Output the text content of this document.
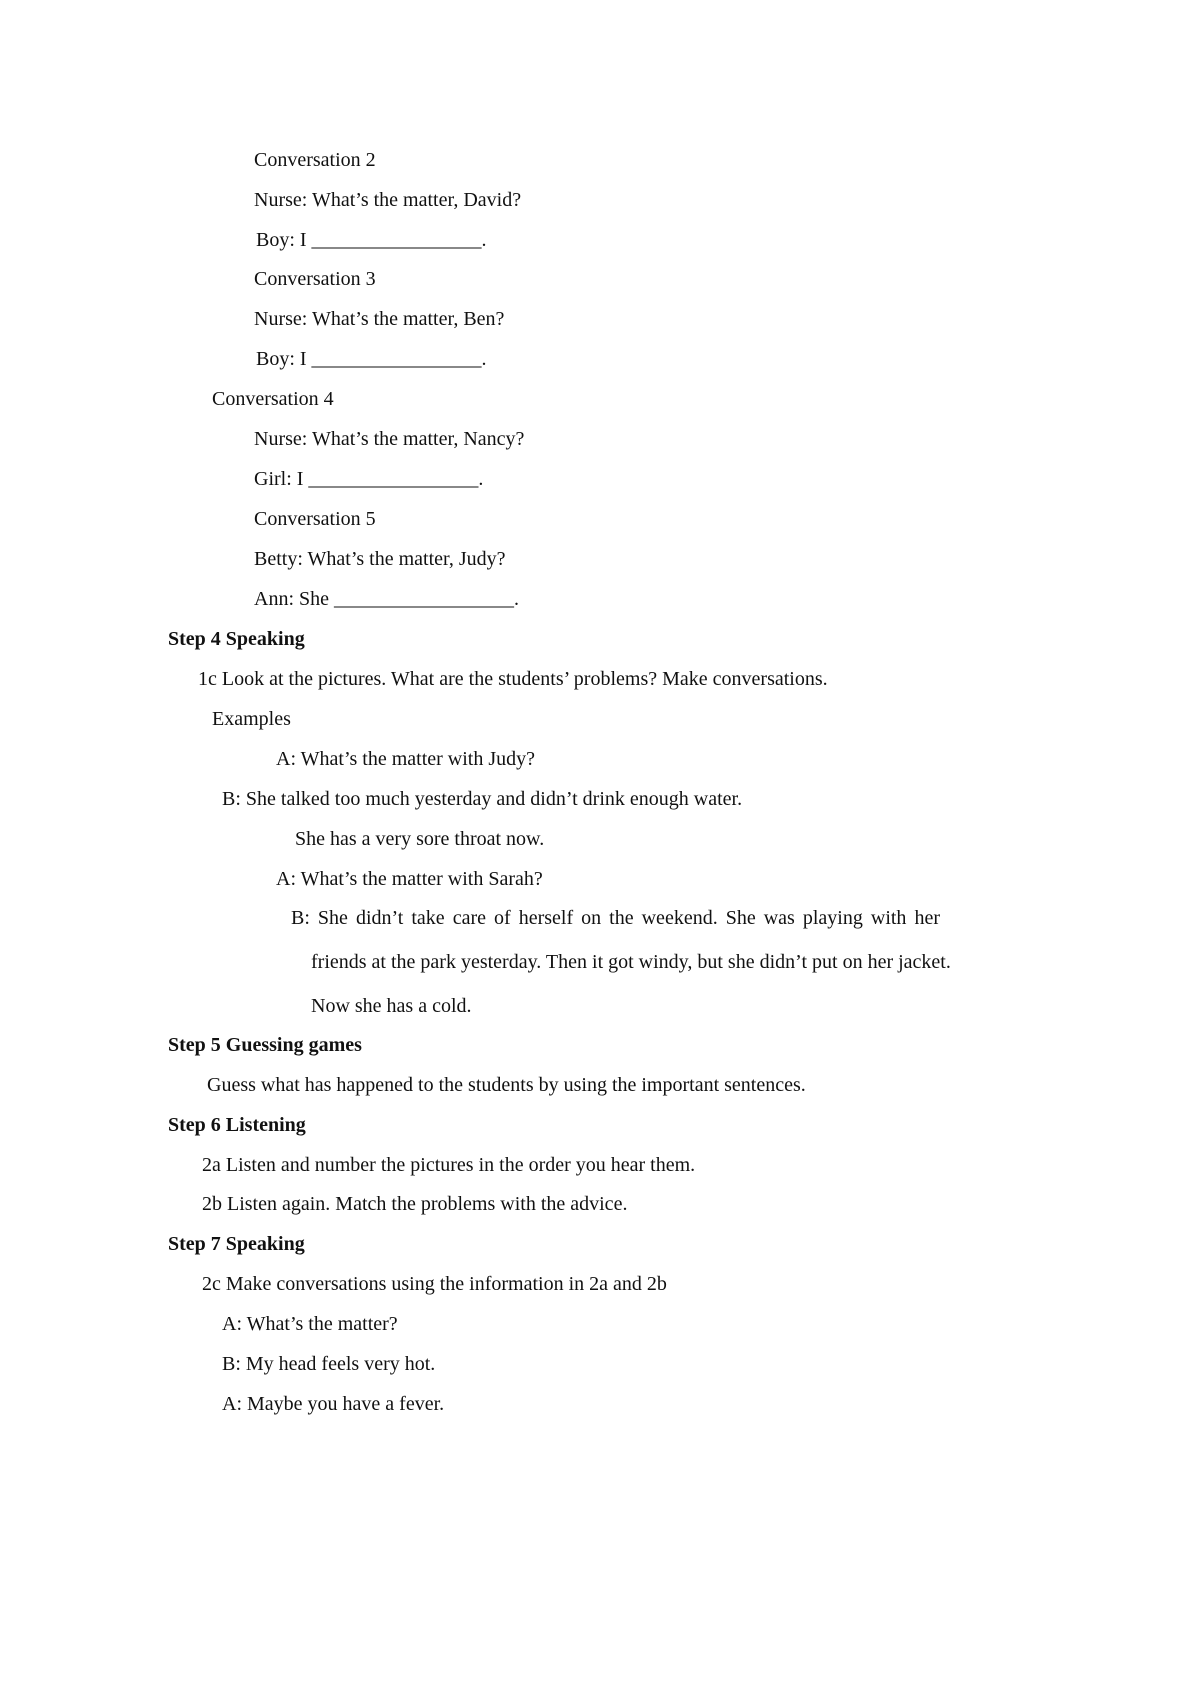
Conversation 2
Nurse: What’s the matter, David?
Boy: I _________________.
Conversation 3
Nurse: What’s the matter, Ben?
Boy: I _________________.
Conversation 4
Nurse: What’s the matter, Nancy?
Girl: I _________________.
Conversation 5
Betty: What’s the matter, Judy?
Ann: She __________________.
Step 4 Speaking
1c Look at the pictures. What are the students’ problems? Make conversations.
Examples
A: What’s the matter with Judy?
B: She talked too much yesterday and didn’t drink enough water.
She has a very sore throat now.
A: What’s the matter with Sarah?
B: She didn’t take care of herself on the weekend. She was playing with her
friends at the park yesterday. Then it got windy, but she didn’t put on her jacket.
Now she has a cold.
Step 5 Guessing games
Guess what has happened to the students by using the important sentences.
Step 6 Listening
2a Listen and number the pictures in the order you hear them.
2b Listen again. Match the problems with the advice.
Step 7 Speaking
2c Make conversations using the information in 2a and 2b
A: What’s the matter?
B: My head feels very hot.
A: Maybe you have a fever.
